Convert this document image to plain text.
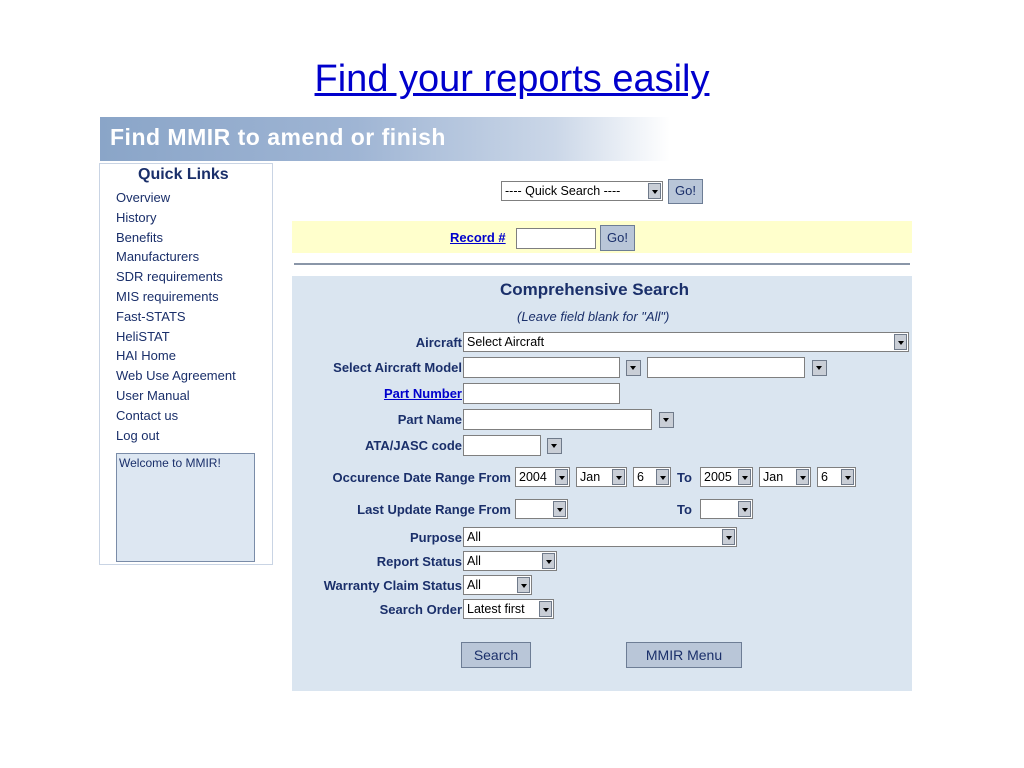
Find your reports easily
Find MMIR to amend or finish
Quick Links
Overview
History
Benefits
Manufacturers
SDR requirements
MIS requirements
Fast-STATS
HeliSTAT
HAI Home
Web Use Agreement
User Manual
Contact us
Log out
Welcome to MMIR!
---- Quick Search ----	Go!
Record #	Go!
Comprehensive Search
(Leave field blank for "All")
Aircraft Select Aircraft
Select Aircraft Model
Part Number
Part Name
ATA/JASC code
Occurence Date Range From 2004	Jan	6	To 2005	Jan	6
Last Update Range From	To
Purpose All
Report Status All
Warranty Claim Status All
Search Order Latest first
Search	MMIR Menu
